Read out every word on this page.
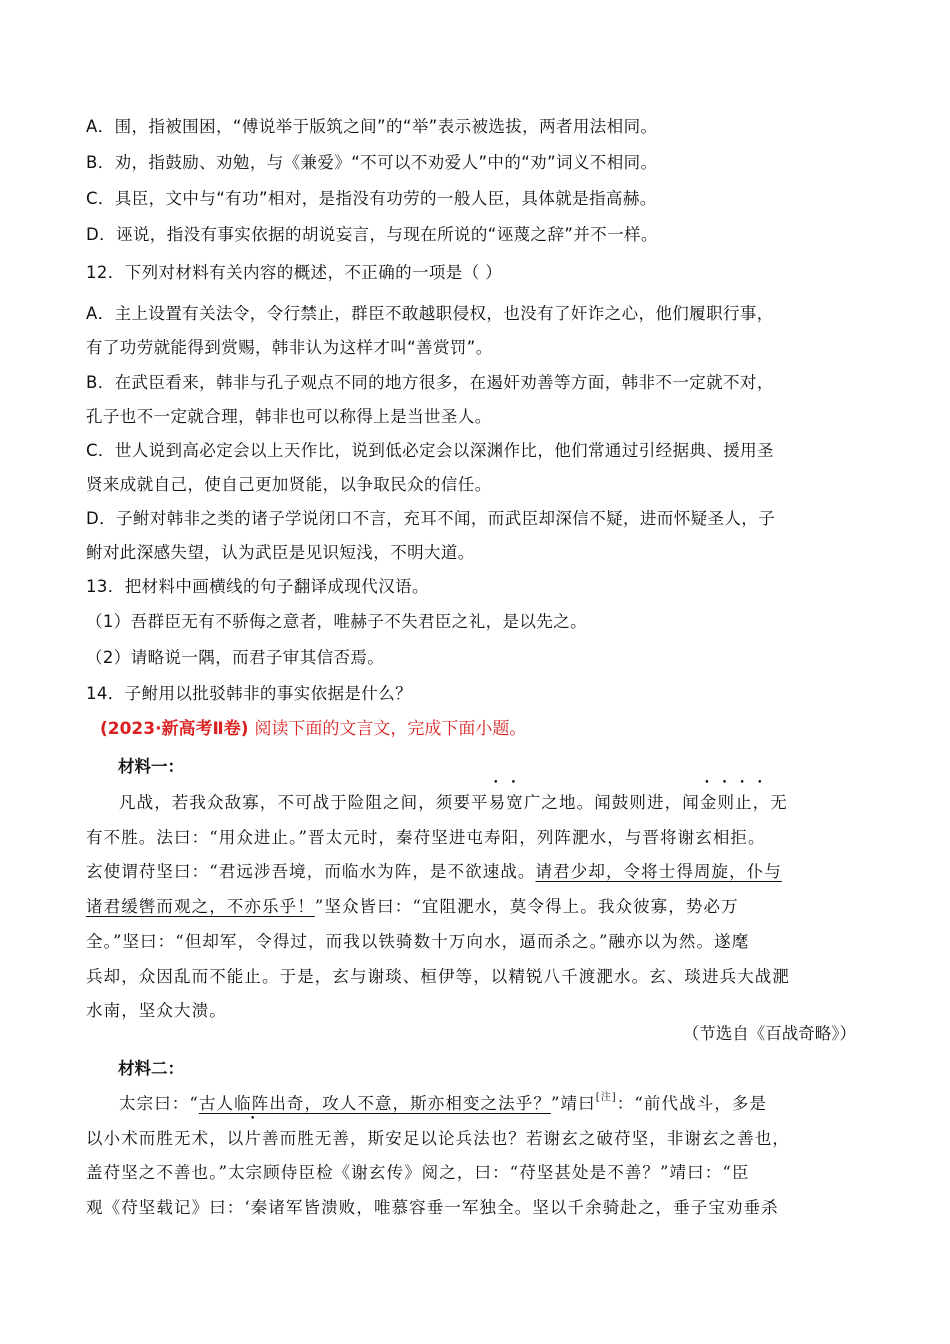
A．围，指被围困，“傅说举于版筑之间”的“举”表示被选拔，两者用法相同。
B．劝，指鼓励、劝勉，与《兼爱》“不可以不劝爱人”中的“劝”词义不相同。
C．具臣，文中与“有功”相对，是指没有功劳的一般人臣，具体就是指高赫。
D．诬说，指没有事实依据的胡说妄言，与现在所说的“诬蔑之辞”并不一样。
12．下列对材料有关内容的概述，不正确的一项是（ ）
A．主上设置有关法令，令行禁止，群臣不敢越职侵权，也没有了奸诈之心，他们履职行事，
有了功劳就能得到赏赐，韩非认为这样才叫“善赏罚”。
B．在武臣看来，韩非与孔子观点不同的地方很多，在遏奸劝善等方面，韩非不一定就不对，
孔子也不一定就合理，韩非也可以称得上是当世圣人。
C．世人说到高必定会以上天作比，说到低必定会以深渊作比，他们常通过引经据典、援用圣
贤来成就自己，使自己更加贤能，以争取民众的信任。
D．子鲋对韩非之类的诸子学说闭口不言，充耳不闻，而武臣却深信不疑，进而怀疑圣人，子
鲋对此深感失望，认为武臣是见识短浅，不明大道。
13．把材料中画横线的句子翻译成现代汉语。
（1）吾群臣无有不骄侮之意者，唯赫子不失君臣之礼，是以先之。
（2）请略说一隅，而君子审其信否焉。
14．子鲋用以批驳韩非的事实依据是什么？
(2023·新高考Ⅱ卷) 阅读下面的文言文，完成下面小题。
材料一：
凡战，若我众敌寡，不可战于险阻之间，须要平易宽广之地。闻鼓则进，闻金则止，无
有不胜。法曰：“用众进止。”晋太元时，秦苻坚进屯寿阳，列阵淝水，与晋将谢玄相拒。
玄使谓苻坚曰：“君远涉吾境，而临水为阵，是不欲速战。请君少却，令将士得周旋，仆与
诸君缓辔而观之，不亦乐乎！”坚众皆曰：“宜阻淝水，莫令得上。我众彼寡，势必万
全。”坚曰：“但却军，令得过，而我以铁骑数十万向水，逼而杀之。”融亦以为然。遂麾
兵却，众因乱而不能止。于是，玄与谢琰、桓伊等，以精锐八千渡淝水。玄、琰进兵大战淝
水南，坚众大溃。
（节选自《百战奇略》）
材料二：
太宗曰：“古人临阵出奇，攻人不意，斯亦相变之法乎？”靖曰[注]：“前代战斗，多是
以小术而胜无术，以片善而胜无善，斯安足以论兵法也？若谢玄之破苻坚，非谢玄之善也，
盖苻坚之不善也。”太宗顾侍臣检《谢玄传》阅之，曰：“苻坚甚处是不善？”靖曰：“臣
观《苻坚载记》曰：‘秦诸军皆溃败，唯慕容垂一军独全。坚以千余骑赴之，垂子宝劝垂杀
